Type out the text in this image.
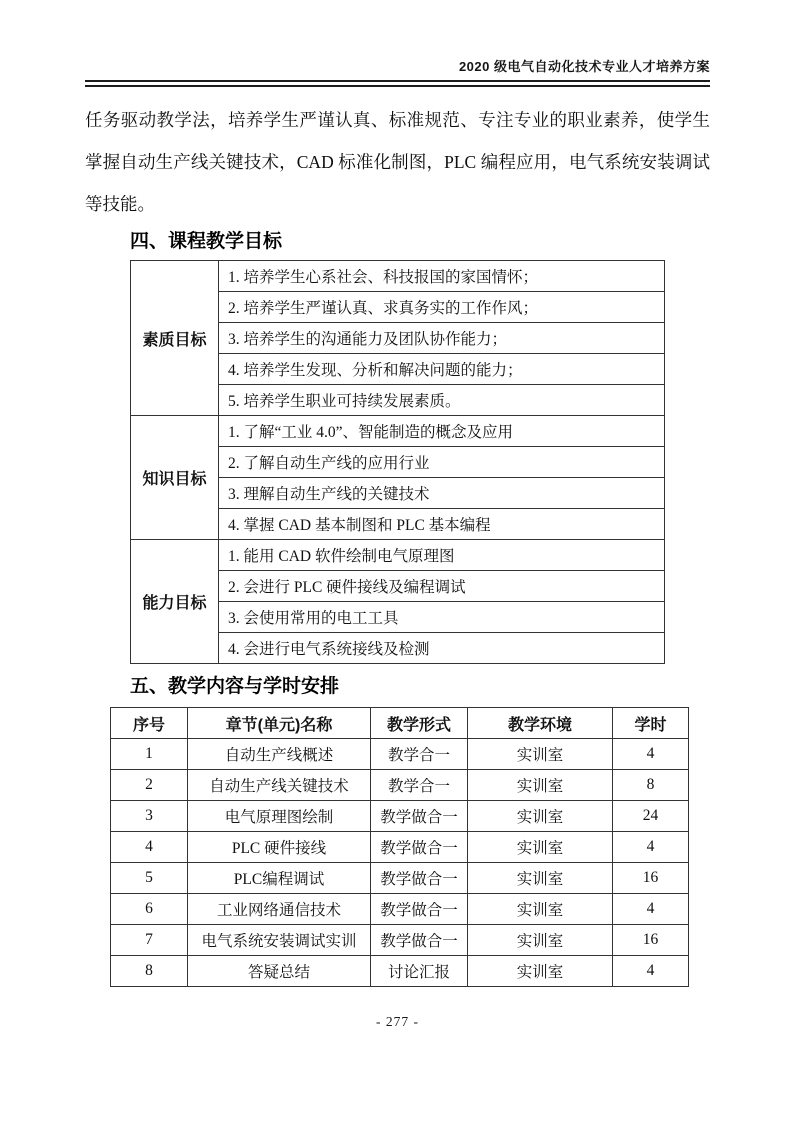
2020 级电气自动化技术专业人才培养方案

任务驱动教学法，培养学生严谨认真、标准规范、专注专业的职业素养，使学生掌握自动生产线关键技术，CAD 标准化制图，PLC 编程应用，电气系统安装调试等技能。

四、课程教学目标
素质目标	1. 培养学生心系社会、科技报国的家国情怀；
	2. 培养学生严谨认真、求真务实的工作作风；
	3. 培养学生的沟通能力及团队协作能力；
	4. 培养学生发现、分析和解决问题的能力；
	5. 培养学生职业可持续发展素质。
知识目标	1. 了解“工业 4.0”、智能制造的概念及应用
	2. 了解自动生产线的应用行业
	3. 理解自动生产线的关键技术
	4. 掌握 CAD 基本制图和 PLC 基本编程
能力目标	1. 能用 CAD 软件绘制电气原理图
	2. 会进行 PLC 硬件接线及编程调试
	3. 会使用常用的电工工具
	4. 会进行电气系统接线及检测
五、教学内容与学时安排
序号	章节(单元)名称	教学形式	教学环境	学时
1	自动生产线概述	教学合一	实训室	4
2	自动生产线关键技术	教学合一	实训室	8
3	电气原理图绘制	教学做合一	实训室	24
4	PLC 硬件接线	教学做合一	实训室	4
5	PLC编程调试	教学做合一	实训室	16
6	工业网络通信技术	教学做合一	实训室	4
7	电气系统安装调试实训	教学做合一	实训室	16
8	答疑总结	讨论汇报	实训室	4
- 277 -
